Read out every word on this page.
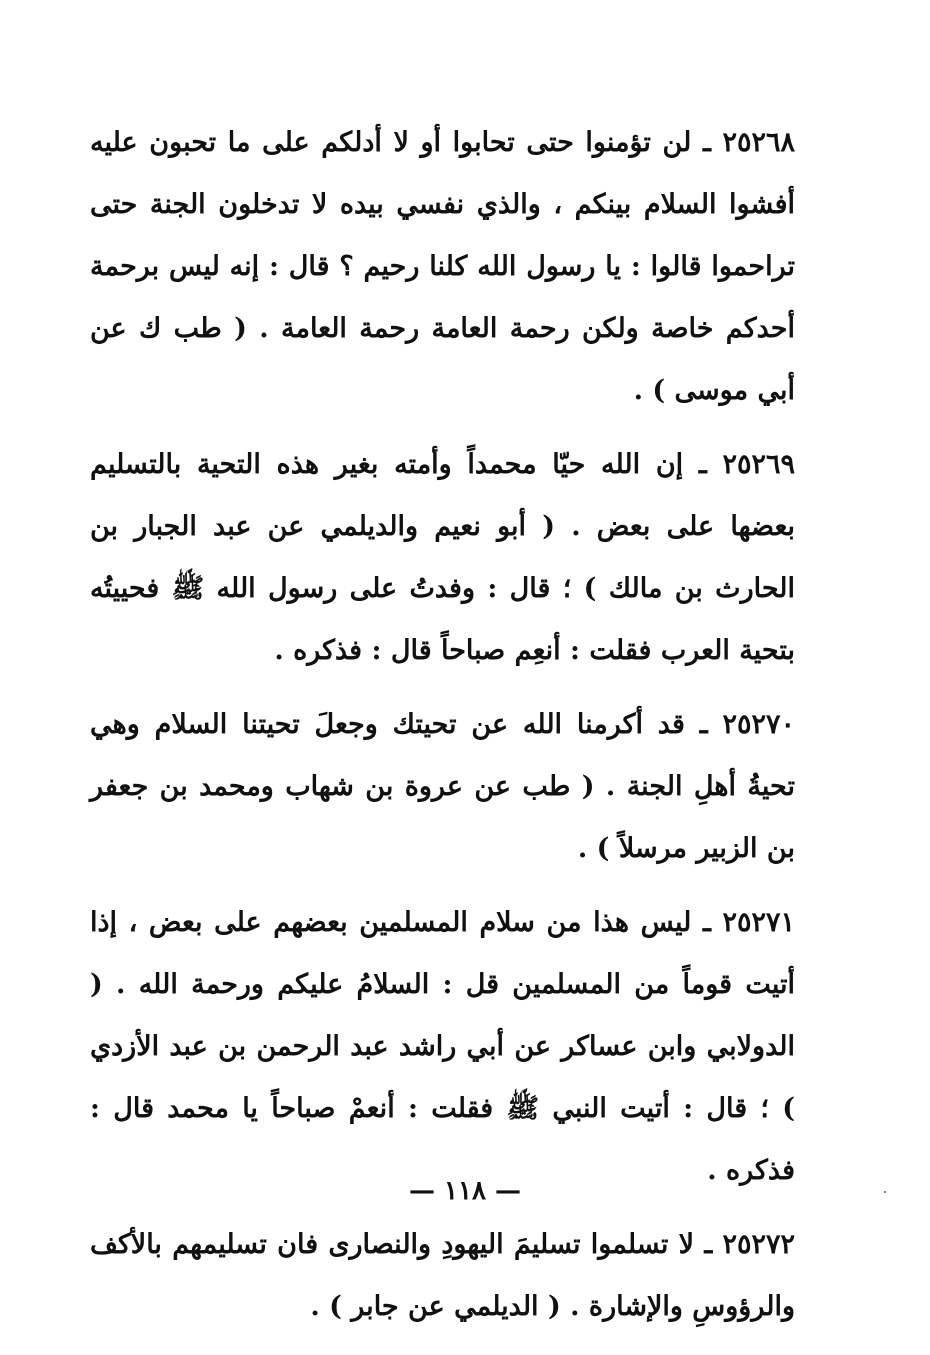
٢٥٢٦٨ ـ لن تؤمنوا حتى تحابوا أو لا أدلكم على ما تحبون عليه أفشوا السلام بينكم ، والذي نفسي بيده لا تدخلون الجنة حتى تراحموا قالوا : يا رسول الله كلنا رحيم ؟ قال : إنه ليس برحمة أحدكم خاصة ولكن رحمة العامة رحمة العامة . ( طب ك عن أبي موسى ) .

٢٥٢٦٩ ـ إن الله حيّا محمداً وأمته بغير هذه التحية بالتسليم بعضها على بعض . ( أبو نعيم والديلمي عن عبد الجبار بن الحارث بن مالك ) ؛ قال : وفدتُ على رسول الله ﷺ فحييتُه بتحية العرب فقلت : أنعِم صباحاً قال : فذكره .

٢٥٢٧٠ ـ قد أكرمنا الله عن تحيتك وجعلَ تحيتنا السلام وهي تحيةُ أهلِ الجنة . ( طب عن عروة بن شهاب ومحمد بن جعفر بن الزبير مرسلاً ) .

٢٥٢٧١ ـ ليس هذا من سلام المسلمين بعضهم على بعض ، إذا أتيت قوماً من المسلمين قل : السلامُ عليكم ورحمة الله . ( الدولابي وابن عساكر عن أبي راشد عبد الرحمن بن عبد الأزدي ) ؛ قال : أتيت النبي ﷺ فقلت : أنعمْ صباحاً يا محمد قال : فذكره .

٢٥٢٧٢ ـ لا تسلموا تسليمَ اليهودِ والنصارى فان تسليمهم بالأكف والرؤوسِ والإشارة . ( الديلمي عن جابر ) .

— ١١٨ —
